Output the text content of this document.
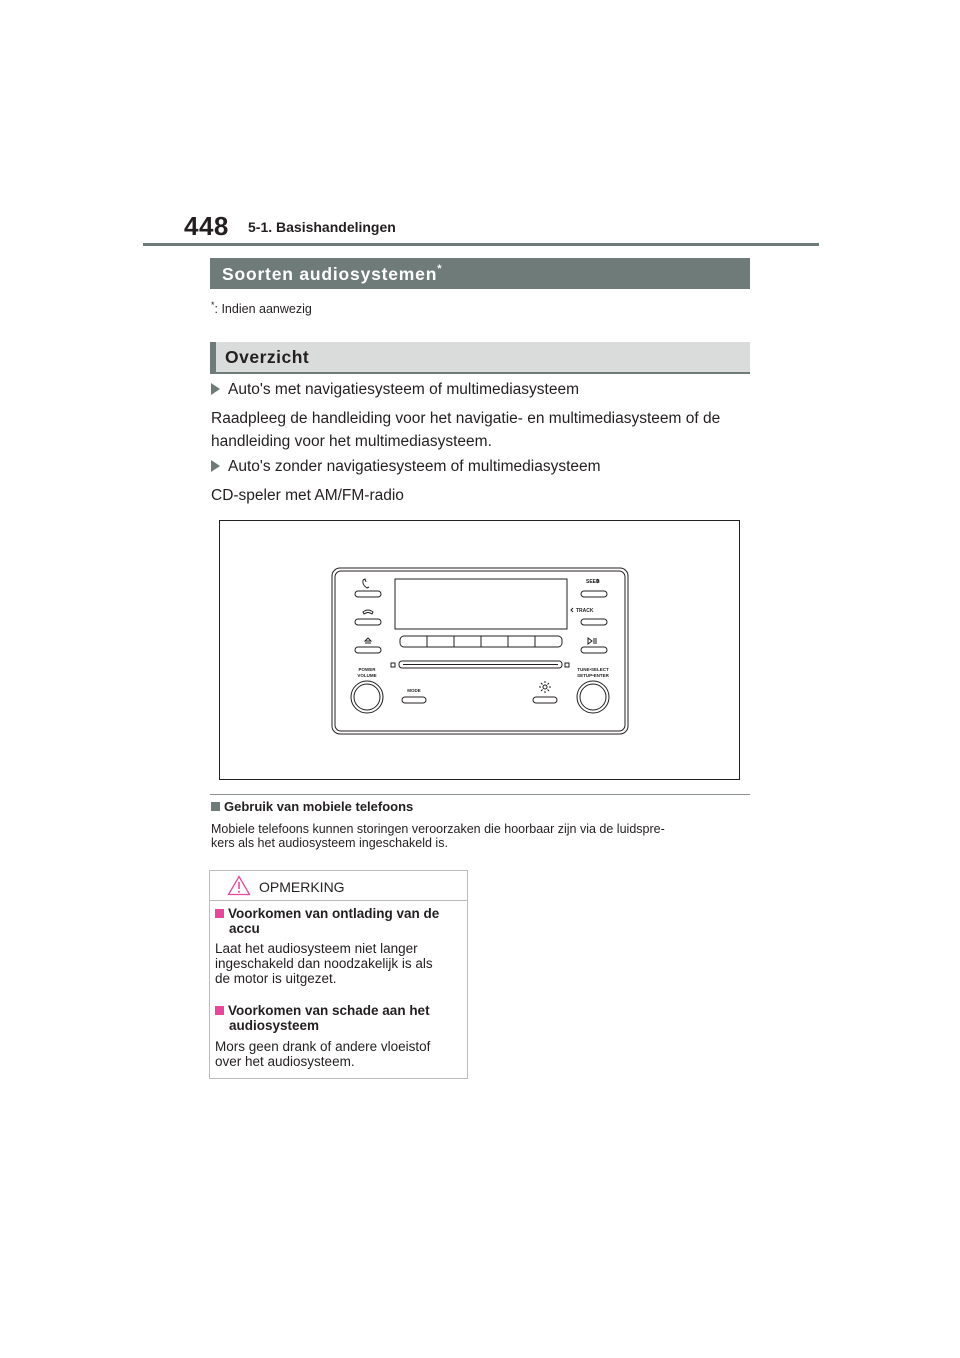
448 5-1. Basishandelingen
Soorten audiosystemen*
*: Indien aanwezig
Overzicht
Auto's met navigatiesysteem of multimediasysteem
Raadpleeg de handleiding voor het navigatie- en multimediasysteem of de
handleiding voor het multimediasysteem.
Auto's zonder navigatiesysteem of multimediasysteem
CD-speler met AM/FM-radio
SEEK
TRACK
POWER
VOLUME
TUNE•SELECT
SETUP•ENTER
MODE
Gebruik van mobiele telefoons
Mobiele telefoons kunnen storingen veroorzaken die hoorbaar zijn via de luidspre-
kers als het audiosysteem ingeschakeld is.
OPMERKING
Voorkomen van ontlading van de
accu
Laat het audiosysteem niet langer
ingeschakeld dan noodzakelijk is als
de motor is uitgezet.
Voorkomen van schade aan het
audiosysteem
Mors geen drank of andere vloeistof
over het audiosysteem.
